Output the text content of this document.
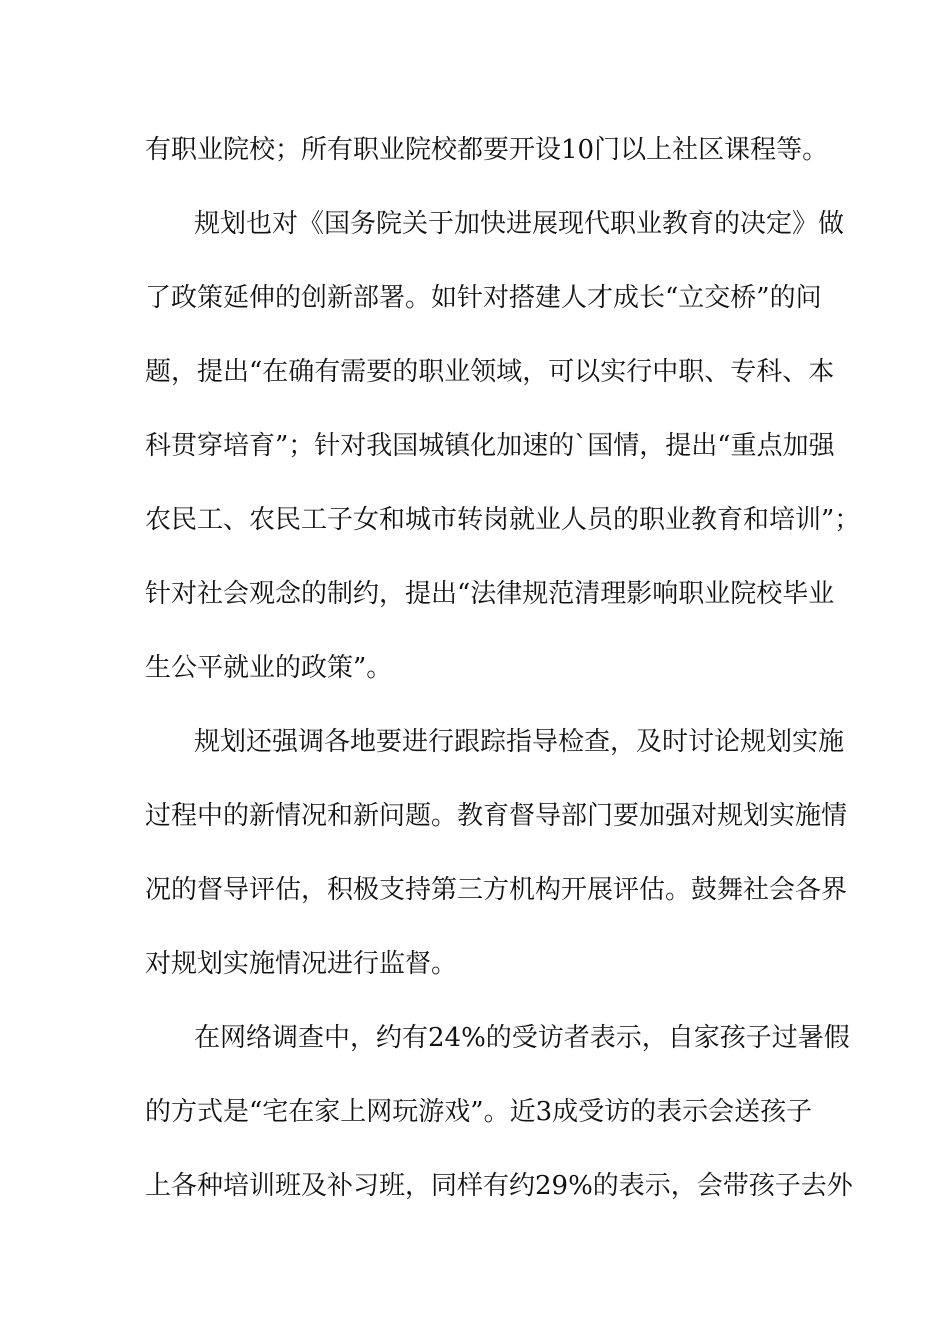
有职业院校；所有职业院校都要开设10门以上社区课程等。
规划也对《国务院关于加快进展现代职业教育的决定》做
了政策延伸的创新部署。如针对搭建人才成长“立交桥”的问
题，提出“在确有需要的职业领域，可以实行中职、专科、本
科贯穿培育”；针对我国城镇化加速的`国情，提出“重点加强
农民工、农民工子女和城市转岗就业人员的职业教育和培训”；
针对社会观念的制约，提出“法律规范清理影响职业院校毕业
生公平就业的政策”。
规划还强调各地要进行跟踪指导检查，及时讨论规划实施
过程中的新情况和新问题。教育督导部门要加强对规划实施情
况的督导评估，积极支持第三方机构开展评估。鼓舞社会各界
对规划实施情况进行监督。
在网络调查中，约有24%的受访者表示，自家孩子过暑假
的方式是“宅在家上网玩游戏”。近3成受访的表示会送孩子
上各种培训班及补习班，同样有约29%的表示，会带孩子去外
